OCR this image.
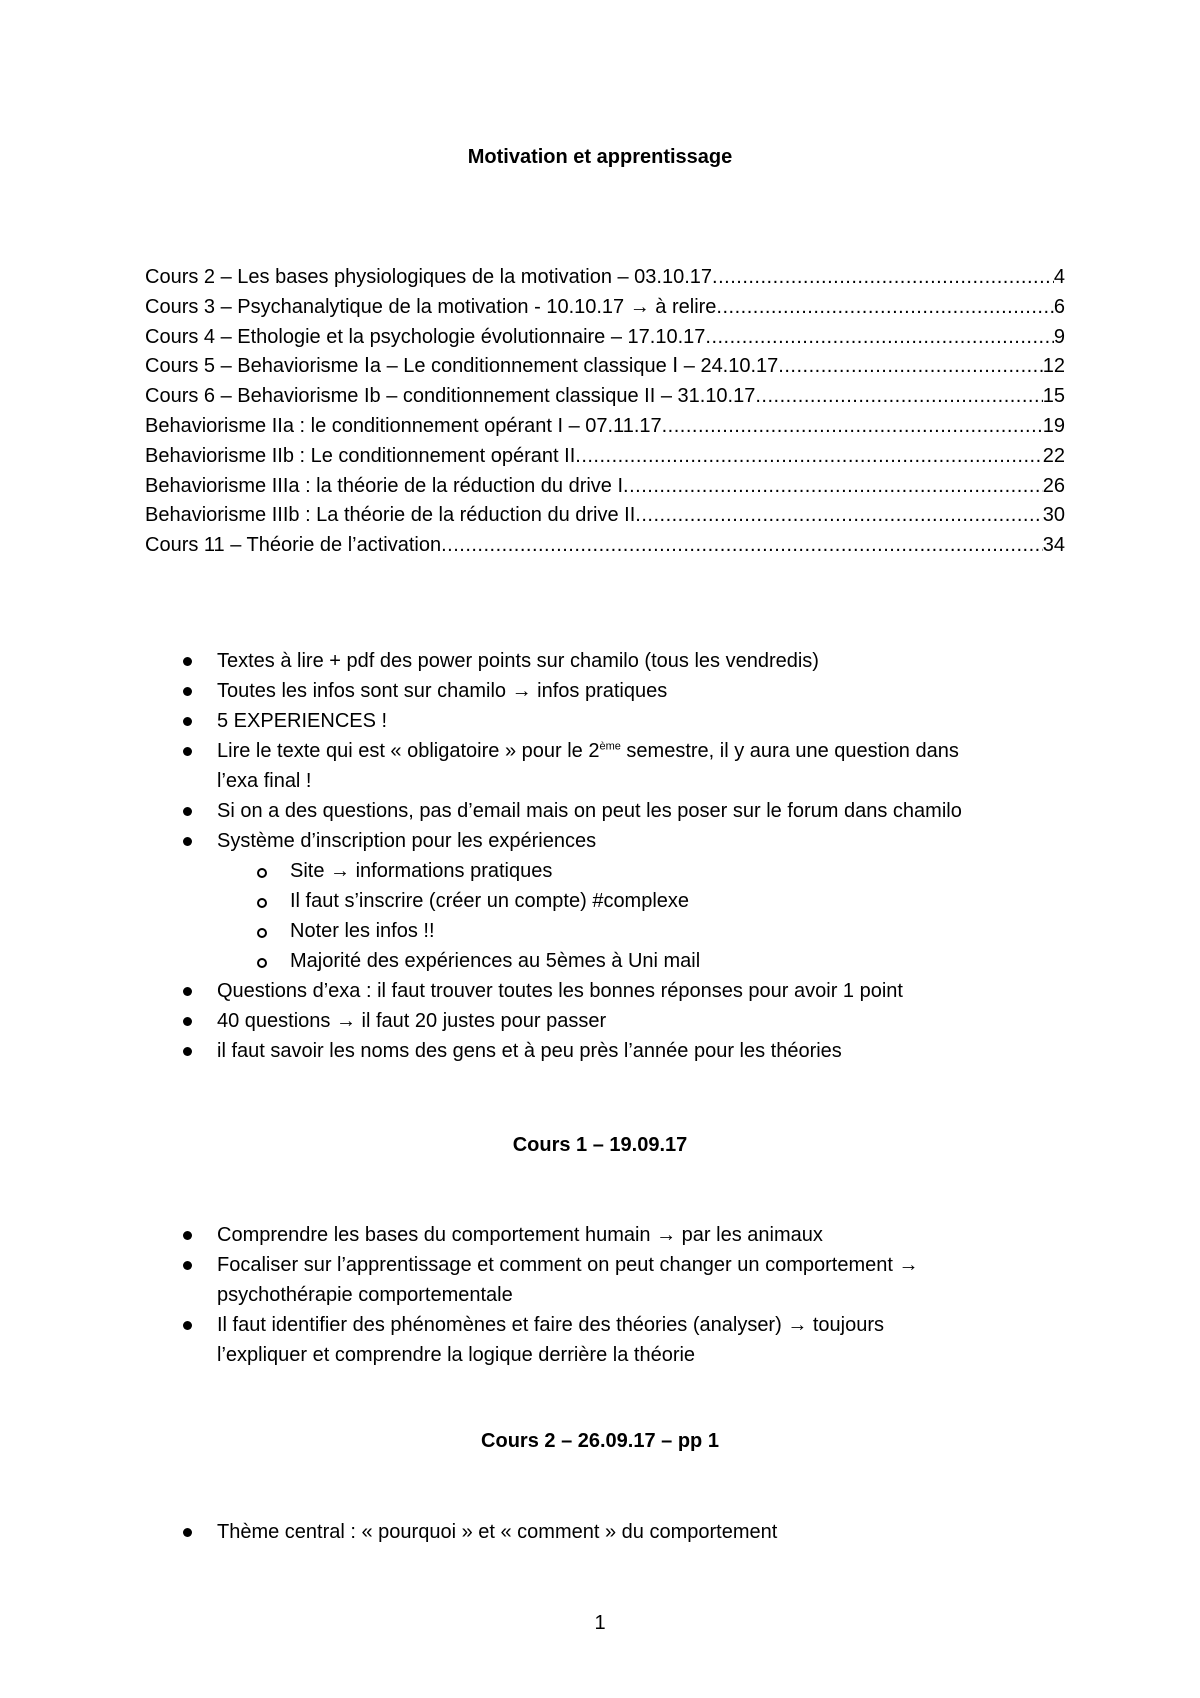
Motivation et apprentissage
Cours 2 – Les bases physiologiques de la motivation – 03.10.17 .....	4
Cours 3 – Psychanalytique de la motivation - 10.10.17 → à relire .....	6
Cours 4 – Ethologie et la psychologie évolutionnaire – 17.10.17 .....	9
Cours 5 – Behaviorisme Ⅰa – Le conditionnement classique Ⅰ – 24.10.17 .....	12
Cours 6 – Behaviorisme Ib – conditionnement classique II – 31.10.17 .....	15
Behaviorisme IIa : le conditionnement opérant I – 07.11.17 .....	19
Behaviorisme IIb : Le conditionnement opérant II .....	22
Behaviorisme IIIa : la théorie de la réduction du drive I .....	26
Behaviorisme IIIb : La théorie de la réduction du drive II .....	30
Cours 11 – Théorie de l’activation .....	34
Textes à lire + pdf des power points sur chamilo (tous les vendredis)
Toutes les infos sont sur chamilo → infos pratiques
5 EXPERIENCES !
Lire le texte qui est « obligatoire » pour le 2ème semestre, il y aura une question dans
l’exa final !
Si on a des questions, pas d’email mais on peut les poser sur le forum dans chamilo
Système d’inscription pour les expériences
Site → informations pratiques
Il faut s’inscrire (créer un compte) #complexe
Noter les infos !!
Majorité des expériences au 5èmes à Uni mail
Questions d’exa : il faut trouver toutes les bonnes réponses pour avoir 1 point
40 questions → il faut 20 justes pour passer
il faut savoir les noms des gens et à peu près l’année pour les théories
Cours 1 – 19.09.17
Comprendre les bases du comportement humain → par les animaux
Focaliser sur l’apprentissage et comment on peut changer un comportement →
psychothérapie comportementale
Il faut identifier des phénomènes et faire des théories (analyser) → toujours
l’expliquer et comprendre la logique derrière la théorie
Cours 2 – 26.09.17 – pp 1
Thème central : « pourquoi » et « comment » du comportement
1
